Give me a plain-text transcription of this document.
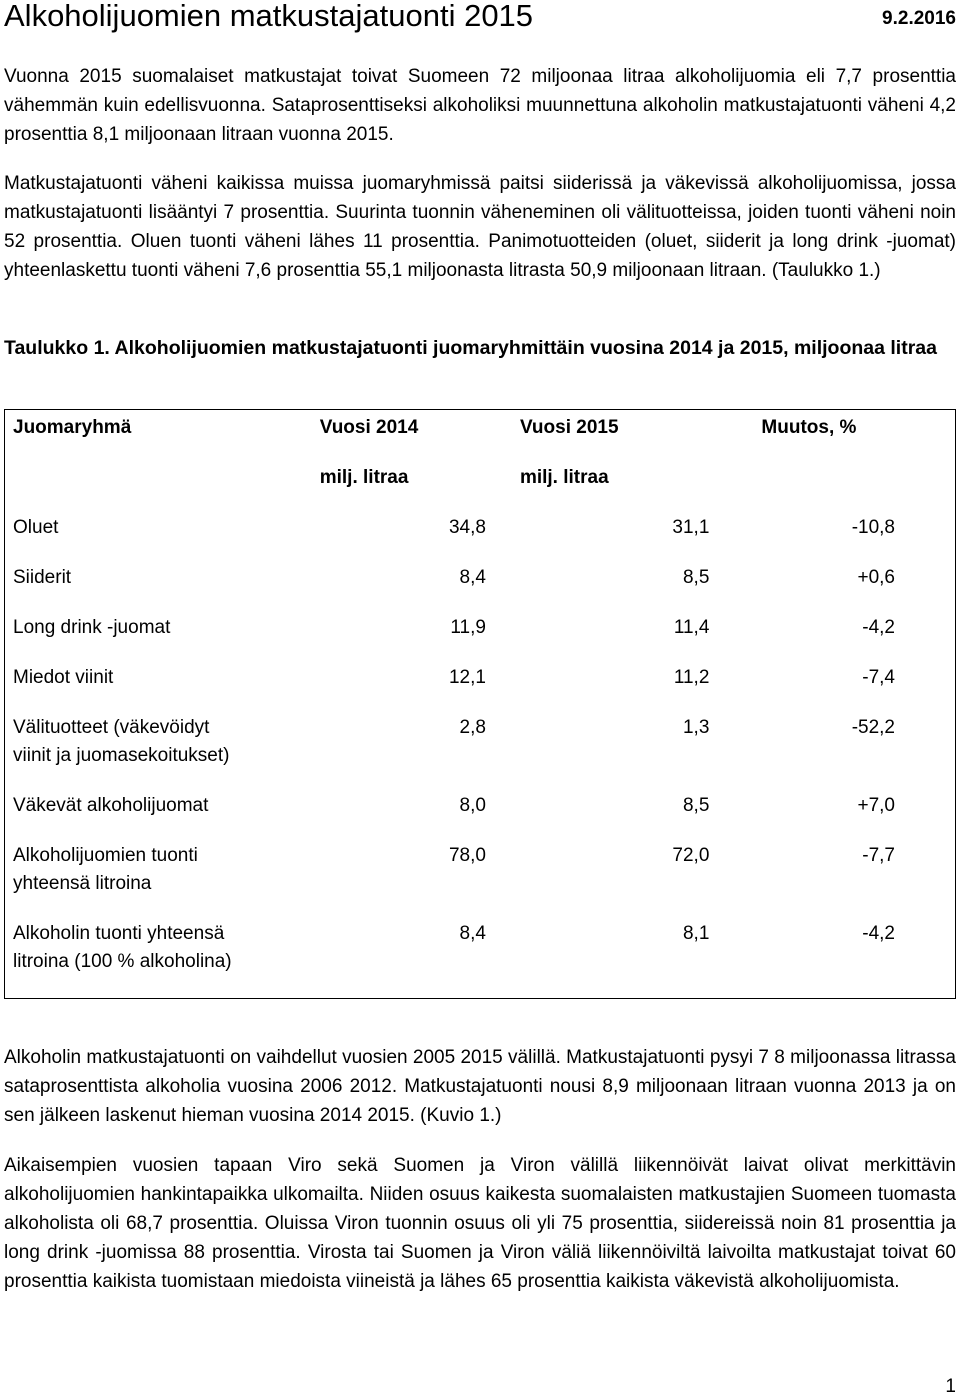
Alkoholijuomien matkustajatuonti 2015	9.2.2016
Vuonna 2015 suomalaiset matkustajat toivat Suomeen 72 miljoonaa litraa alkoholijuomia eli 7,7 prosenttia vähemmän kuin edellisvuonna. Sataprosenttiseksi alkoholiksi muunnettuna alkoholin matkustajatuonti väheni 4,2 prosenttia 8,1 miljoonaan litraan vuonna 2015.
Matkustajatuonti väheni kaikissa muissa juomaryhmissä paitsi siiderissä ja väkevissä alkoholijuomissa, jossa matkustajatuonti lisääntyi 7 prosenttia. Suurinta tuonnin väheneminen oli välituotteissa, joiden tuonti väheni noin 52 prosenttia. Oluen tuonti väheni lähes 11 prosenttia. Panimotuotteiden (oluet, siiderit ja long drink -juomat) yhteenlaskettu tuonti väheni 7,6 prosenttia 55,1 miljoonasta litrasta 50,9 miljoonaan litraan. (Taulukko 1.)
Taulukko 1. Alkoholijuomien matkustajatuonti juomaryhmittäin vuosina 2014 ja 2015, miljoonaa litraa
Juomaryhmä	Vuosi 2014	Vuosi 2015	Muutos, %
	milj. litraa	milj. litraa	
Oluet	34,8	31,1	-10,8
Siiderit	8,4	8,5	+0,6
Long drink -juomat	11,9	11,4	-4,2
Miedot viinit	12,1	11,2	-7,4

Välituotteet (väkevöidyt
viinit ja juomasekoitukset)	2,8	1,3	-52,2
Väkevät alkoholijuomat	8,0	8,5	+7,0

Alkoholijuomien tuonti
yhteensä litroina	78,0	72,0	-7,7

Alkoholin tuonti yhteensä
litroina (100 % alkoholina)	8,4	8,1	-4,2
Alkoholin matkustajatuonti on vaihdellut vuosien 2005 2015 välillä. Matkustajatuonti pysyi 7 8 miljoonassa litrassa sataprosenttista alkoholia vuosina 2006 2012. Matkustajatuonti nousi 8,9 miljoonaan litraan vuonna 2013 ja on sen jälkeen laskenut hieman vuosina 2014 2015. (Kuvio 1.)
Aikaisempien vuosien tapaan Viro sekä Suomen ja Viron välillä liikennöivät laivat olivat merkittävin alkoholijuomien hankintapaikka ulkomailta. Niiden osuus kaikesta suomalaisten matkustajien Suomeen tuomasta alkoholista oli 68,7 prosenttia. Oluissa Viron tuonnin osuus oli yli 75 prosenttia, siidereissä noin 81 prosenttia ja long drink -juomissa 88 prosenttia. Virosta tai Suomen ja Viron väliä liikennöiviltä laivoilta matkustajat toivat 60 prosenttia kaikista tuomistaan miedoista viineistä ja lähes 65 prosenttia kaikista väkevistä alkoholijuomista.
1
